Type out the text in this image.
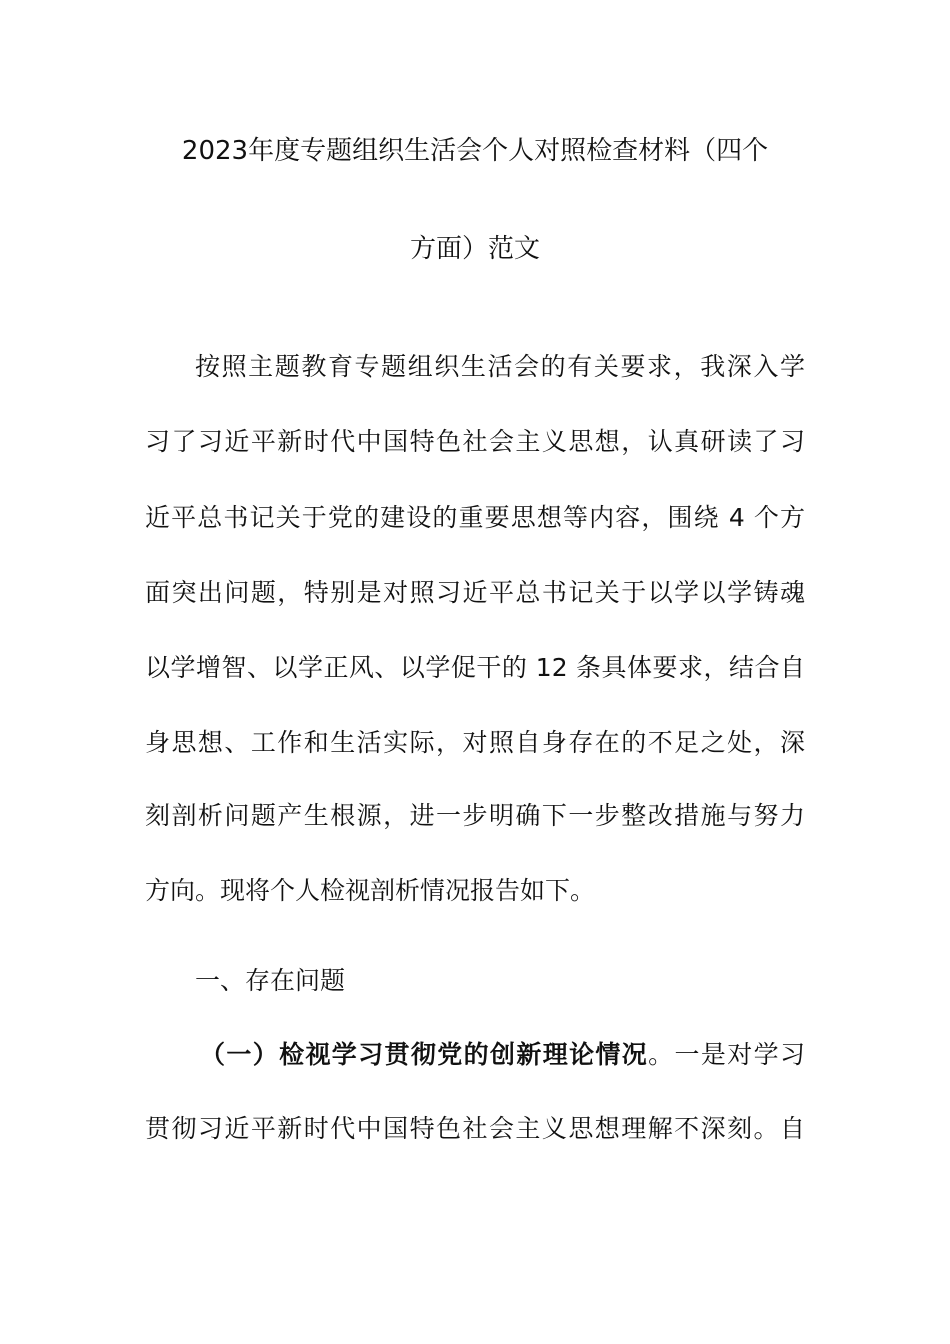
2023年度专题组织生活会个人对照检查材料（四个
方面）范文
按照主题教育专题组织生活会的有关要求，我深入学
习了习近平新时代中国特色社会主义思想，认真研读了习
近平总书记关于党的建设的重要思想等内容，围绕 4 个方
面突出问题，特别是对照习近平总书记关于以学以学铸魂
以学增智、以学正风、以学促干的 12 条具体要求，结合自
身思想、工作和生活实际，对照自身存在的不足之处，深
刻剖析问题产生根源，进一步明确下一步整改措施与努力
方向。现将个人检视剖析情况报告如下。
一、存在问题
（一）检视学习贯彻党的创新理论情况。一是对学习
贯彻习近平新时代中国特色社会主义思想理解不深刻。自
